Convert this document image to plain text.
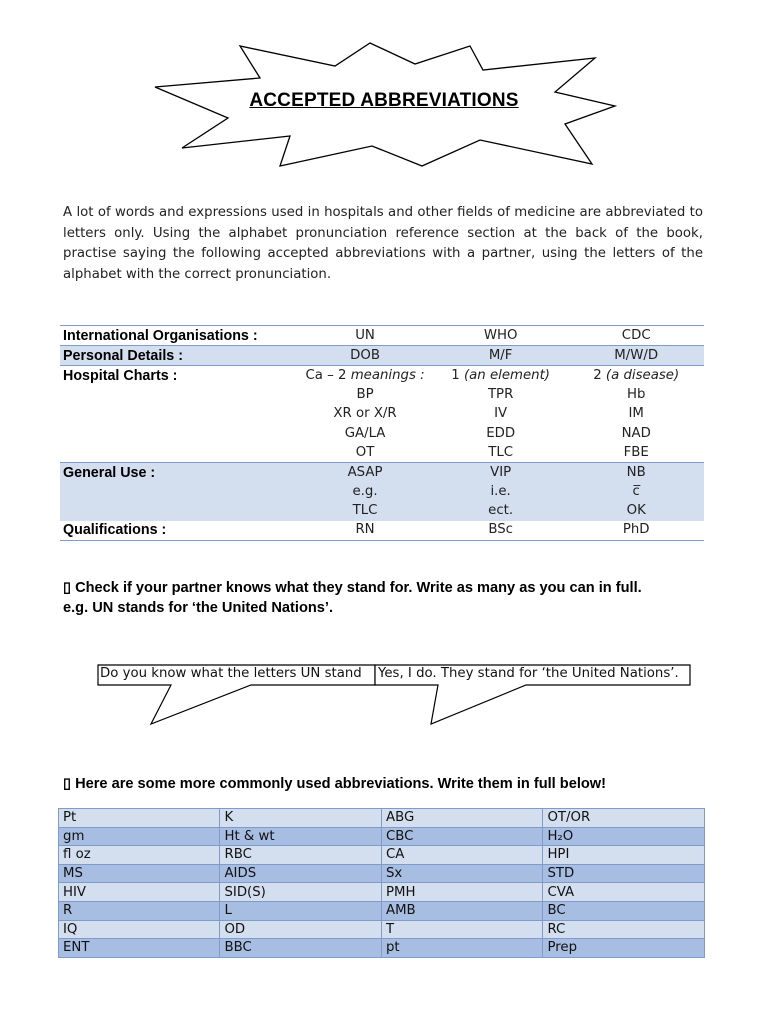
ACCEPTED ABBREVIATIONS
A lot of words and expressions used in hospitals and other fields of medicine are abbreviated to letters only. Using the alphabet pronunciation reference section at the back of the book, practise saying the following accepted abbreviations with a partner, using the letters of the alphabet with the correct pronunciation.
International Organisations :	UN	WHO	CDC
Personal Details :	DOB	M/F	M/W/D
Hospital Charts :	Ca – 2 meanings :	1 (an element)	2 (a disease)
	BP	TPR	Hb
	XR or X/R	IV	IM
	GA/LA	EDD	NAD
	OT	TLC	FBE
General Use :	ASAP	VIP	NB
	e.g.	i.e.	c̅
	TLC	ect.	OK
Qualifications :	RN	BSc	PhD
▯ Check if your partner knows what they stand for. Write as many as you can in full.
e.g. UN stands for ‘the United Nations’.
Do you know what the letters UN stand Yes, I do. They stand for ‘the United Nations’.
▯ Here are some more commonly used abbreviations. Write them in full below!
Pt	K	ABG	OT/OR
gm	Ht & wt	CBC	H₂O
fl oz	RBC	CA	HPI
MS	AIDS	Sx	STD
HIV	SID(S)	PMH	CVA
R	L	AMB	BC
IQ	OD	T	RC
ENT	BBC	pt	Prep
